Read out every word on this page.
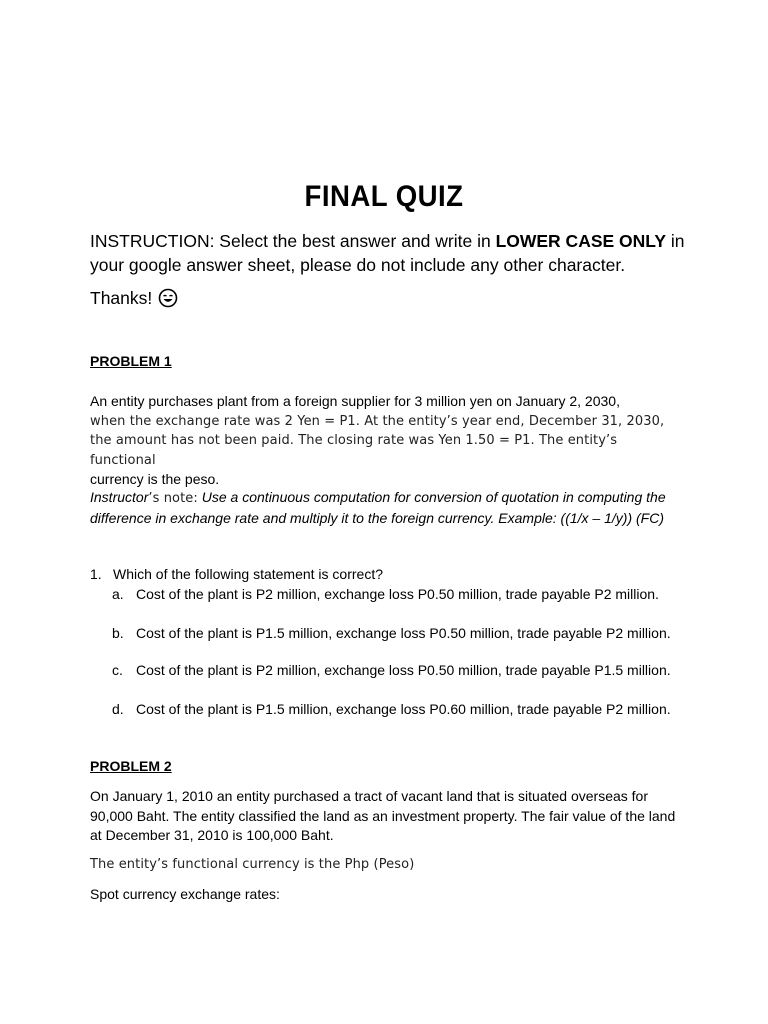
FINAL QUIZ
INSTRUCTION: Select the best answer and write in LOWER CASE ONLY in your google answer sheet, please do not include any other character.
Thanks!
PROBLEM 1
An entity purchases plant from a foreign supplier for 3 million yen on January 2, 2030,
when the exchange rate was 2 Yen = P1. At the entity’s year end, December 31, 2030,
the amount has not been paid. The closing rate was Yen 1.50 = P1. The entity’s functional
currency is the peso.
Instructor’s note: Use a continuous computation for conversion of quotation in computing the difference in exchange rate and multiply it to the foreign currency. Example: ((1/x – 1/y)) (FC)
1. Which of the following statement is correct?
a. Cost of the plant is P2 million, exchange loss P0.50 million, trade payable P2 million.
b. Cost of the plant is P1.5 million, exchange loss P0.50 million, trade payable P2 million.
c. Cost of the plant is P2 million, exchange loss P0.50 million, trade payable P1.5 million.
d. Cost of the plant is P1.5 million, exchange loss P0.60 million, trade payable P2 million.
PROBLEM 2
On January 1, 2010 an entity purchased a tract of vacant land that is situated overseas for 90,000 Baht. The entity classified the land as an investment property. The fair value of the land at December 31, 2010 is 100,000 Baht.
The entity’s functional currency is the Php (Peso)
Spot currency exchange rates:
